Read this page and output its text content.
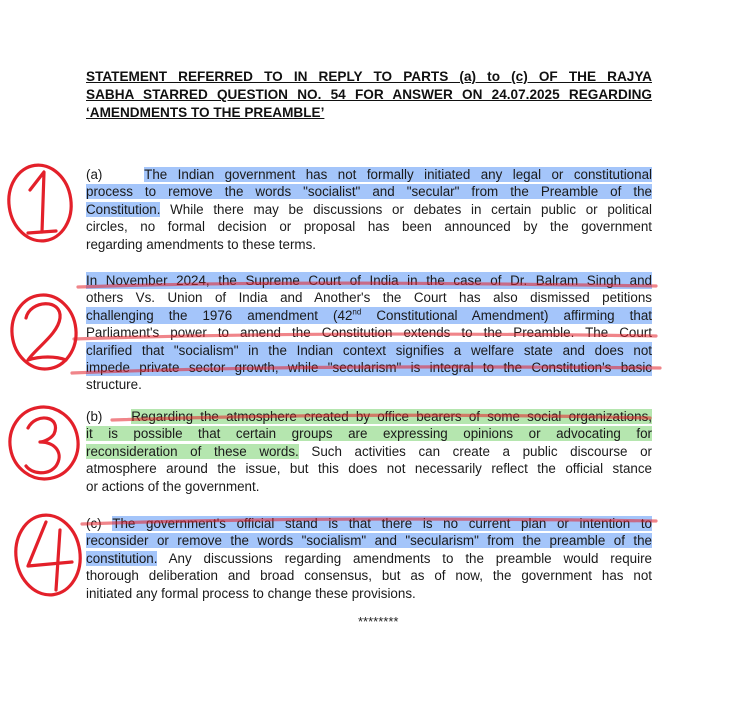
STATEMENT REFERRED TO IN REPLY TO PARTS (a) to (c) OF THE RAJYA
SABHA STARRED QUESTION NO. 54 FOR ANSWER ON 24.07.2025 REGARDING
‘AMENDMENTS TO THE PREAMBLE’
(a)	The Indian government has not formally initiated any legal or constitutional
process to remove the words "socialist" and "secular" from the Preamble of the
Constitution. While there may be discussions or debates in certain public or political
circles, no formal decision or proposal has been announced by the government
regarding amendments to these terms.
In November 2024, the Supreme Court of India in the case of Dr. Balram Singh and
others Vs. Union of India and Another's the Court has also dismissed petitions
challenging the 1976 amendment (42nd Constitutional Amendment) affirming that
Parliament's power to amend the Constitution extends to the Preamble. The Court
clarified that "socialism" in the Indian context signifies a welfare state and does not
impede private sector growth, while "secularism" is integral to the Constitution's basic
structure.
(b) Regarding the atmosphere created by office bearers of some social organizations,
it is possible that certain groups are expressing opinions or advocating for
reconsideration of these words. Such activities can create a public discourse or
atmosphere around the issue, but this does not necessarily reflect the official stance
or actions of the government.
(c) The government's official stand is that there is no current plan or intention to
reconsider or remove the words "socialism" and "secularism" from the preamble of the
constitution. Any discussions regarding amendments to the preamble would require
thorough deliberation and broad consensus, but as of now, the government has not
initiated any formal process to change these provisions.
********
